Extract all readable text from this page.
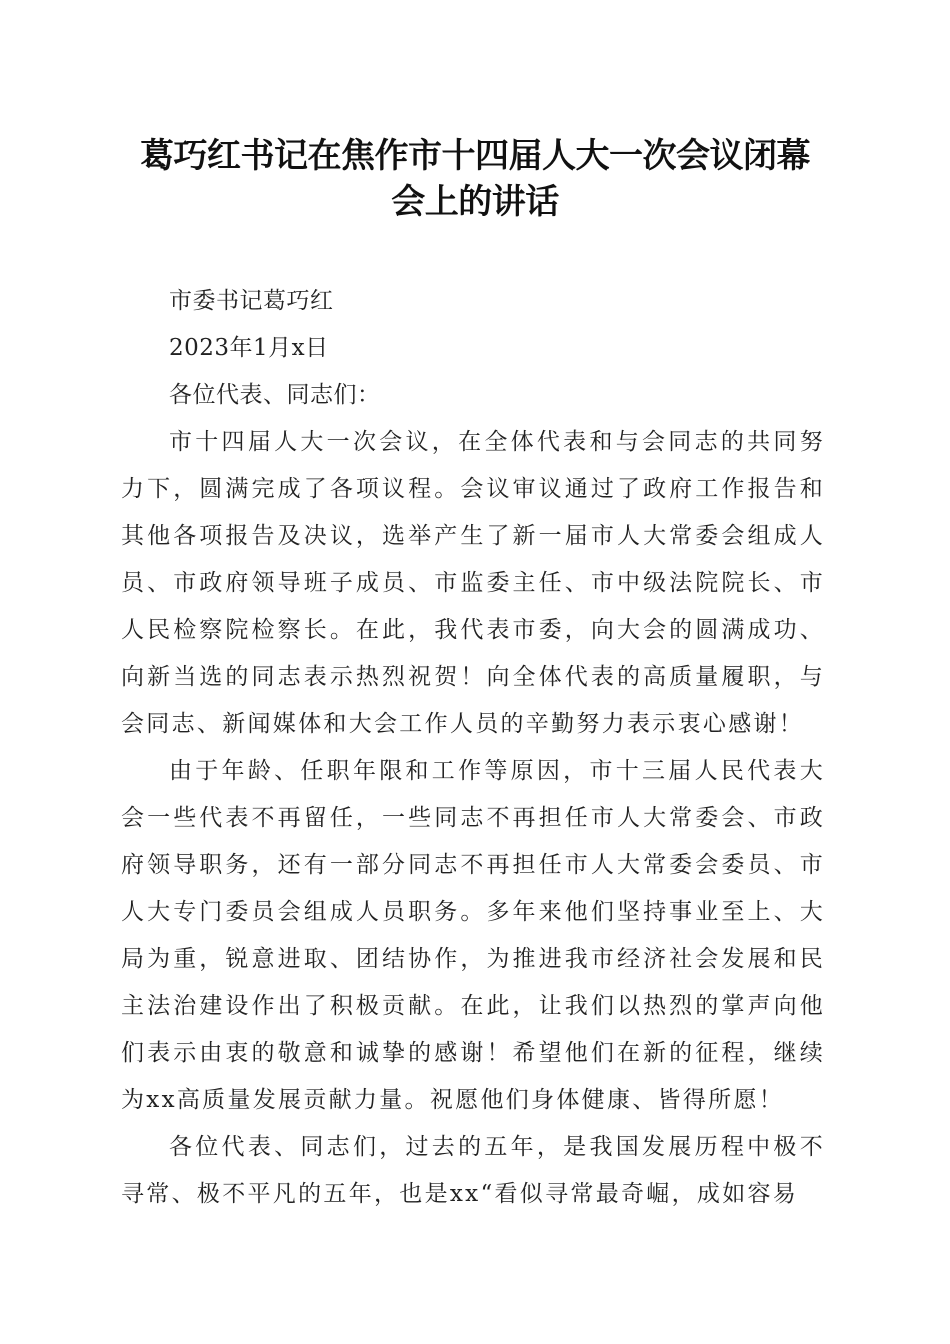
葛巧红书记在焦作市十四届人大一次会议闭幕
会上的讲话

市委书记葛巧红

2023年1月x日

各位代表、同志们：

市十四届人大一次会议，在全体代表和与会同志的共同努力下，圆满完成了各项议程。会议审议通过了政府工作报告和其他各项报告及决议，选举产生了新一届市人大常委会组成人员、市政府领导班子成员、市监委主任、市中级法院院长、市人民检察院检察长。在此，我代表市委，向大会的圆满成功、向新当选的同志表示热烈祝贺！向全体代表的高质量履职，与会同志、新闻媒体和大会工作人员的辛勤努力表示衷心感谢！

由于年龄、任职年限和工作等原因，市十三届人民代表大会一些代表不再留任，一些同志不再担任市人大常委会、市政府领导职务，还有一部分同志不再担任市人大常委会委员、市人大专门委员会组成人员职务。多年来他们坚持事业至上、大局为重，锐意进取、团结协作，为推进我市经济社会发展和民主法治建设作出了积极贡献。在此，让我们以热烈的掌声向他们表示由衷的敬意和诚挚的感谢！希望他们在新的征程，继续为xx高质量发展贡献力量。祝愿他们身体健康、皆得所愿！

各位代表、同志们，过去的五年，是我国发展历程中极不寻常、极不平凡的五年，也是xx“看似寻常最奇崛，成如容易
